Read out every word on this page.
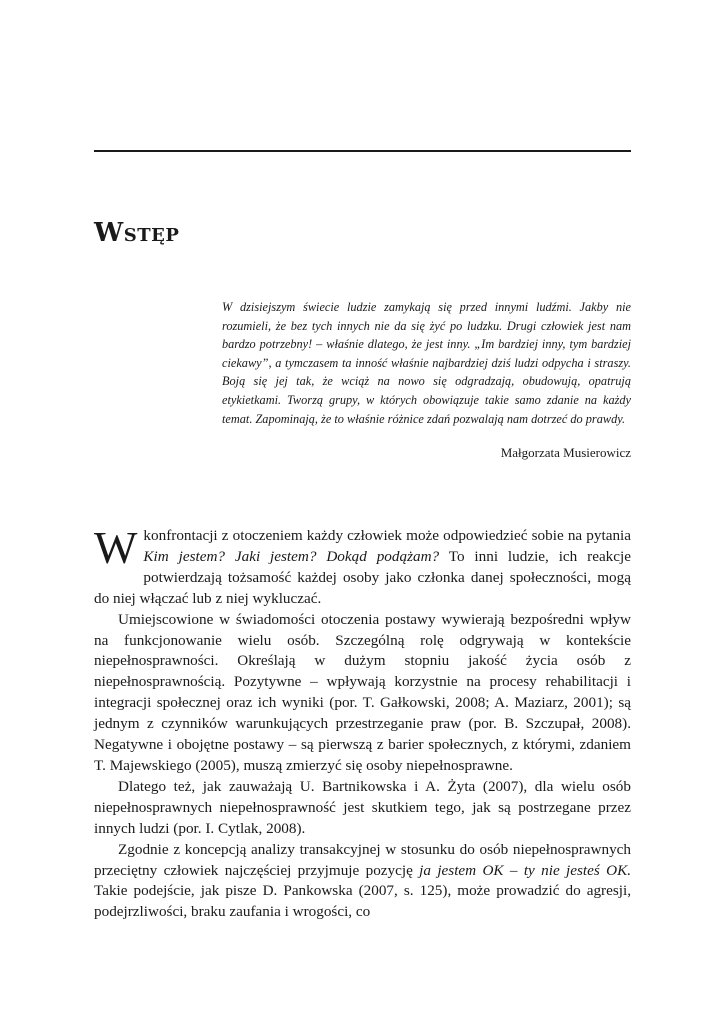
Wstęp

W dzisiejszym świecie ludzie zamykają się przed innymi ludźmi. Jakby nie rozumieli, że bez tych innych nie da się żyć po ludzku. Drugi człowiek jest nam bardzo potrzebny! – właśnie dlatego, że jest inny. „Im bardziej inny, tym bardziej ciekawy”, a tymczasem ta inność właśnie najbardziej dziś ludzi odpycha i straszy. Boją się jej tak, że wciąż na nowo się odgradzają, obudowują, opatrują etykietkami. Tworzą grupy, w których obowiązuje takie samo zdanie na każdy temat. Zapominają, że to właśnie różnice zdań pozwalają nam dotrzeć do prawdy.

Małgorzata Musierowicz

W konfrontacji z otoczeniem każdy człowiek może odpowiedzieć sobie na pytania Kim jestem? Jaki jestem? Dokąd podążam? To inni ludzie, ich reakcje potwierdzają tożsamość każdej osoby jako członka danej społeczności, mogą do niej włączać lub z niej wykluczać.

Umiejscowione w świadomości otoczenia postawy wywierają bezpośredni wpływ na funkcjonowanie wielu osób. Szczególną rolę odgrywają w kontekście niepełnosprawności. Określają w dużym stopniu jakość życia osób z niepełnosprawnością. Pozytywne – wpływają korzystnie na procesy rehabilitacji i integracji społecznej oraz ich wyniki (por. T. Gałkowski, 2008; A. Maziarz, 2001); są jednym z czynników warunkujących przestrzeganie praw (por. B. Szczupał, 2008). Negatywne i obojętne postawy – są pierwszą z barier społecznych, z którymi, zdaniem T. Majewskiego (2005), muszą zmierzyć się osoby niepełnosprawne.

Dlatego też, jak zauważają U. Bartnikowska i A. Żyta (2007), dla wielu osób niepełnosprawnych niepełnosprawność jest skutkiem tego, jak są postrzegane przez innych ludzi (por. I. Cytlak, 2008).

Zgodnie z koncepcją analizy transakcyjnej w stosunku do osób niepełnosprawnych przeciętny człowiek najczęściej przyjmuje pozycję ja jestem OK – ty nie jesteś OK. Takie podejście, jak pisze D. Pankowska (2007, s. 125), może prowadzić do agresji, podejrzliwości, braku zaufania i wrogości, co
